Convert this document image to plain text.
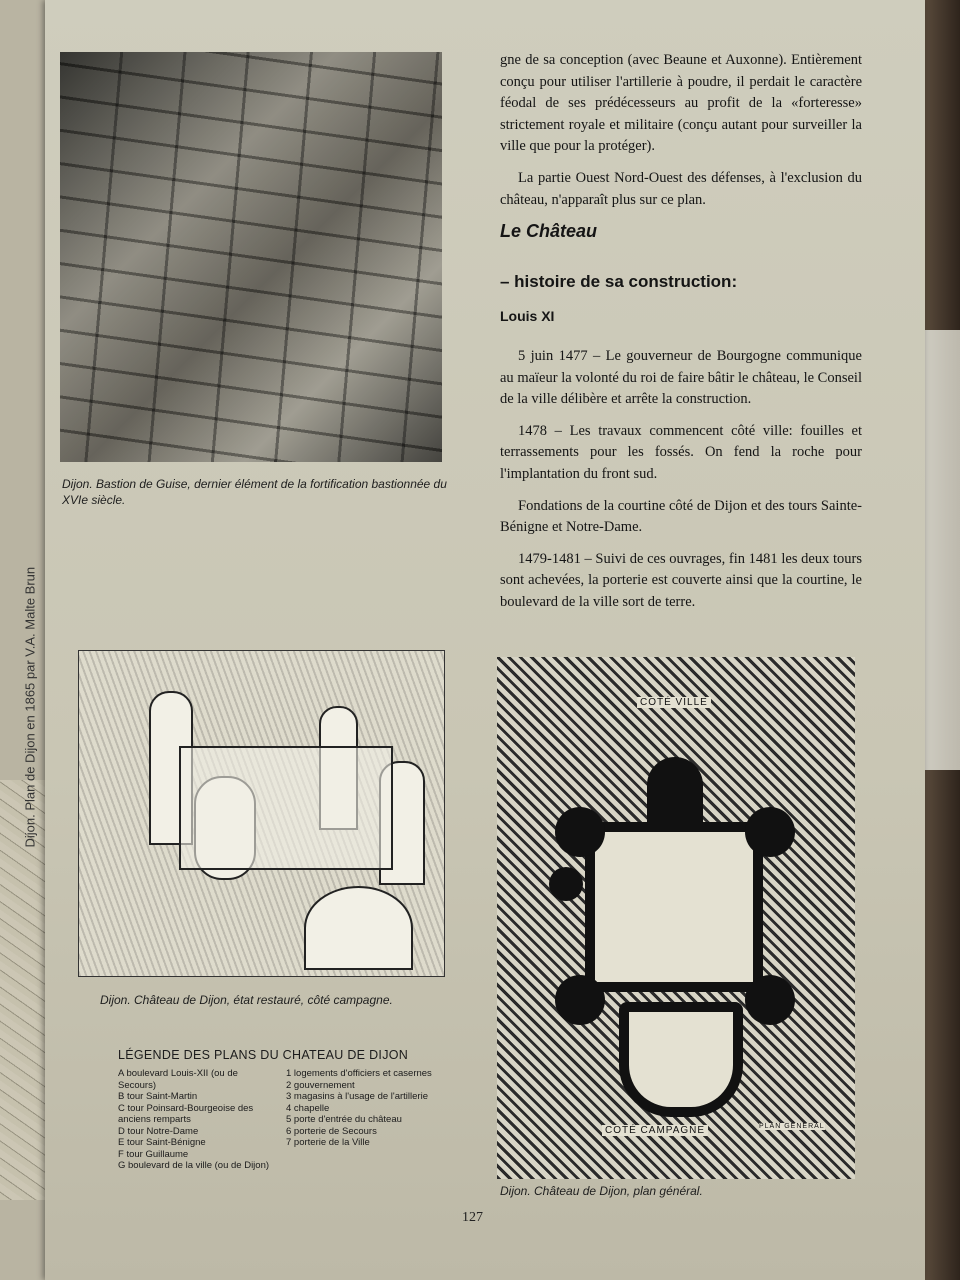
Dijon. Plan de Dijon en 1865 par V.A. Malte Brun
Dijon. Bastion de Guise, dernier élément de la fortification bastionnée du XVIe siècle.

gne de sa conception (avec Beaune et Auxonne). Entièrement conçu pour utiliser l'artillerie à poudre, il perdait le caractère féodal de ses prédécesseurs au profit de la «forteresse» strictement royale et militaire (conçu autant pour surveiller la ville que pour la protéger).

La partie Ouest Nord-Ouest des défenses, à l'exclusion du château, n'apparaît plus sur ce plan.

Le Château
– histoire de sa construction:
Louis XI

5 juin 1477 – Le gouverneur de Bourgogne communique au maïeur la volonté du roi de faire bâtir le château, le Conseil de la ville délibère et arrête la construction.

1478 – Les travaux commencent côté ville: fouilles et terrassements pour les fossés. On fend la roche pour l'implantation du front sud.

Fondations de la courtine côté de Dijon et des tours Sainte-Bénigne et Notre-Dame.

1479-1481 – Suivi de ces ouvrages, fin 1481 les deux tours sont achevées, la porterie est couverte ainsi que la courtine, le boulevard de la ville sort de terre.

Dijon. Château de Dijon, état restauré, côté campagne.
LÉGENDE DES PLANS DU CHATEAU DE DIJON
A boulevard Louis-XII (ou de Secours)
B tour Saint-Martin
C tour Poinsard-Bourgeoise des anciens remparts
D tour Notre-Dame
E tour Saint-Bénigne
F tour Guillaume
G boulevard de la ville (ou de Dijon)
1 logements d'officiers et casernes
2 gouvernement
3 magasins à l'usage de l'artillerie
4 chapelle
5 porte d'entrée du château
6 porterie de Secours
7 porterie de la Ville
COTÉ VILLE
COTÉ CAMPAGNE	PLAN GÉNÉRAL
Dijon. Château de Dijon, plan général.
127
